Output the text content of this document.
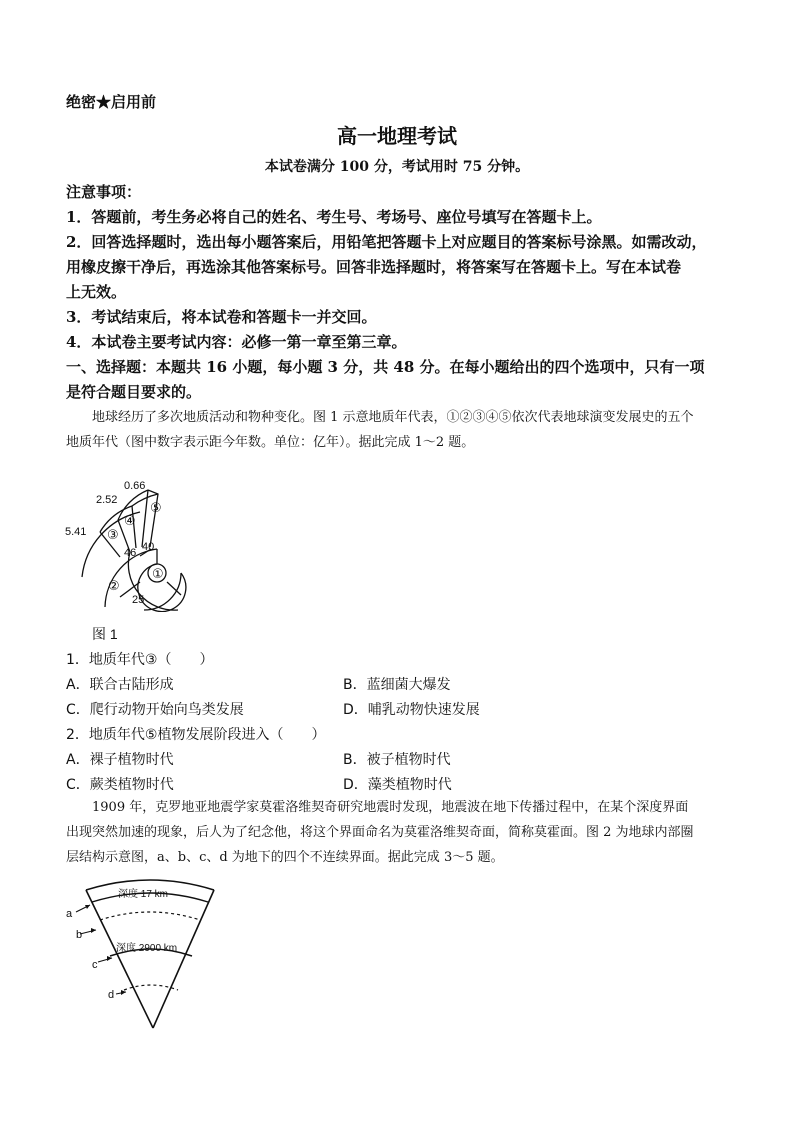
绝密★启用前
高一地理考试
本试卷满分 100 分，考试用时 75 分钟。
注意事项：
1．答题前，考生务必将自己的姓名、考生号、考场号、座位号填写在答题卡上。
2．回答选择题时，选出每小题答案后，用铅笔把答题卡上对应题目的答案标号涂黑。如需改动，
用橡皮擦干净后，再选涂其他答案标号。回答非选择题时，将答案写在答题卡上。写在本试卷
上无效。
3．考试结束后，将本试卷和答题卡一并交回。
4．本试卷主要考试内容：必修一第一章至第三章。
一、选择题：本题共 16 小题，每小题 3 分，共 48 分。在每小题给出的四个选项中，只有一项
是符合题目要求的。
地球经历了多次地质活动和物种变化。图 1 示意地质年代表，①②③④⑤依次代表地球演变发展史的五个
地质年代（图中数字表示距今年数。单位：亿年）。据此完成 1～2 题。
0.66
2.52
5.41
46 40
25
①
②
③
④
⑤
图 1
1．地质年代③（　　）
A．联合古陆形成	B．蓝细菌大爆发
C．爬行动物开始向鸟类发展	D．哺乳动物快速发展
2．地质年代⑤植物发展阶段进入（　　）
A．裸子植物时代	B．被子植物时代
C．蕨类植物时代	D．藻类植物时代
1909 年，克罗地亚地震学家莫霍洛维契奇研究地震时发现，地震波在地下传播过程中，在某个深度界面
出现突然加速的现象，后人为了纪念他，将这个界面命名为莫霍洛维契奇面，简称莫霍面。图 2 为地球内部圈
层结构示意图，a、b、c、d 为地下的四个不连续界面。据此完成 3～5 题。
深度 17 km
深度 2900 km
a
b
c
d
